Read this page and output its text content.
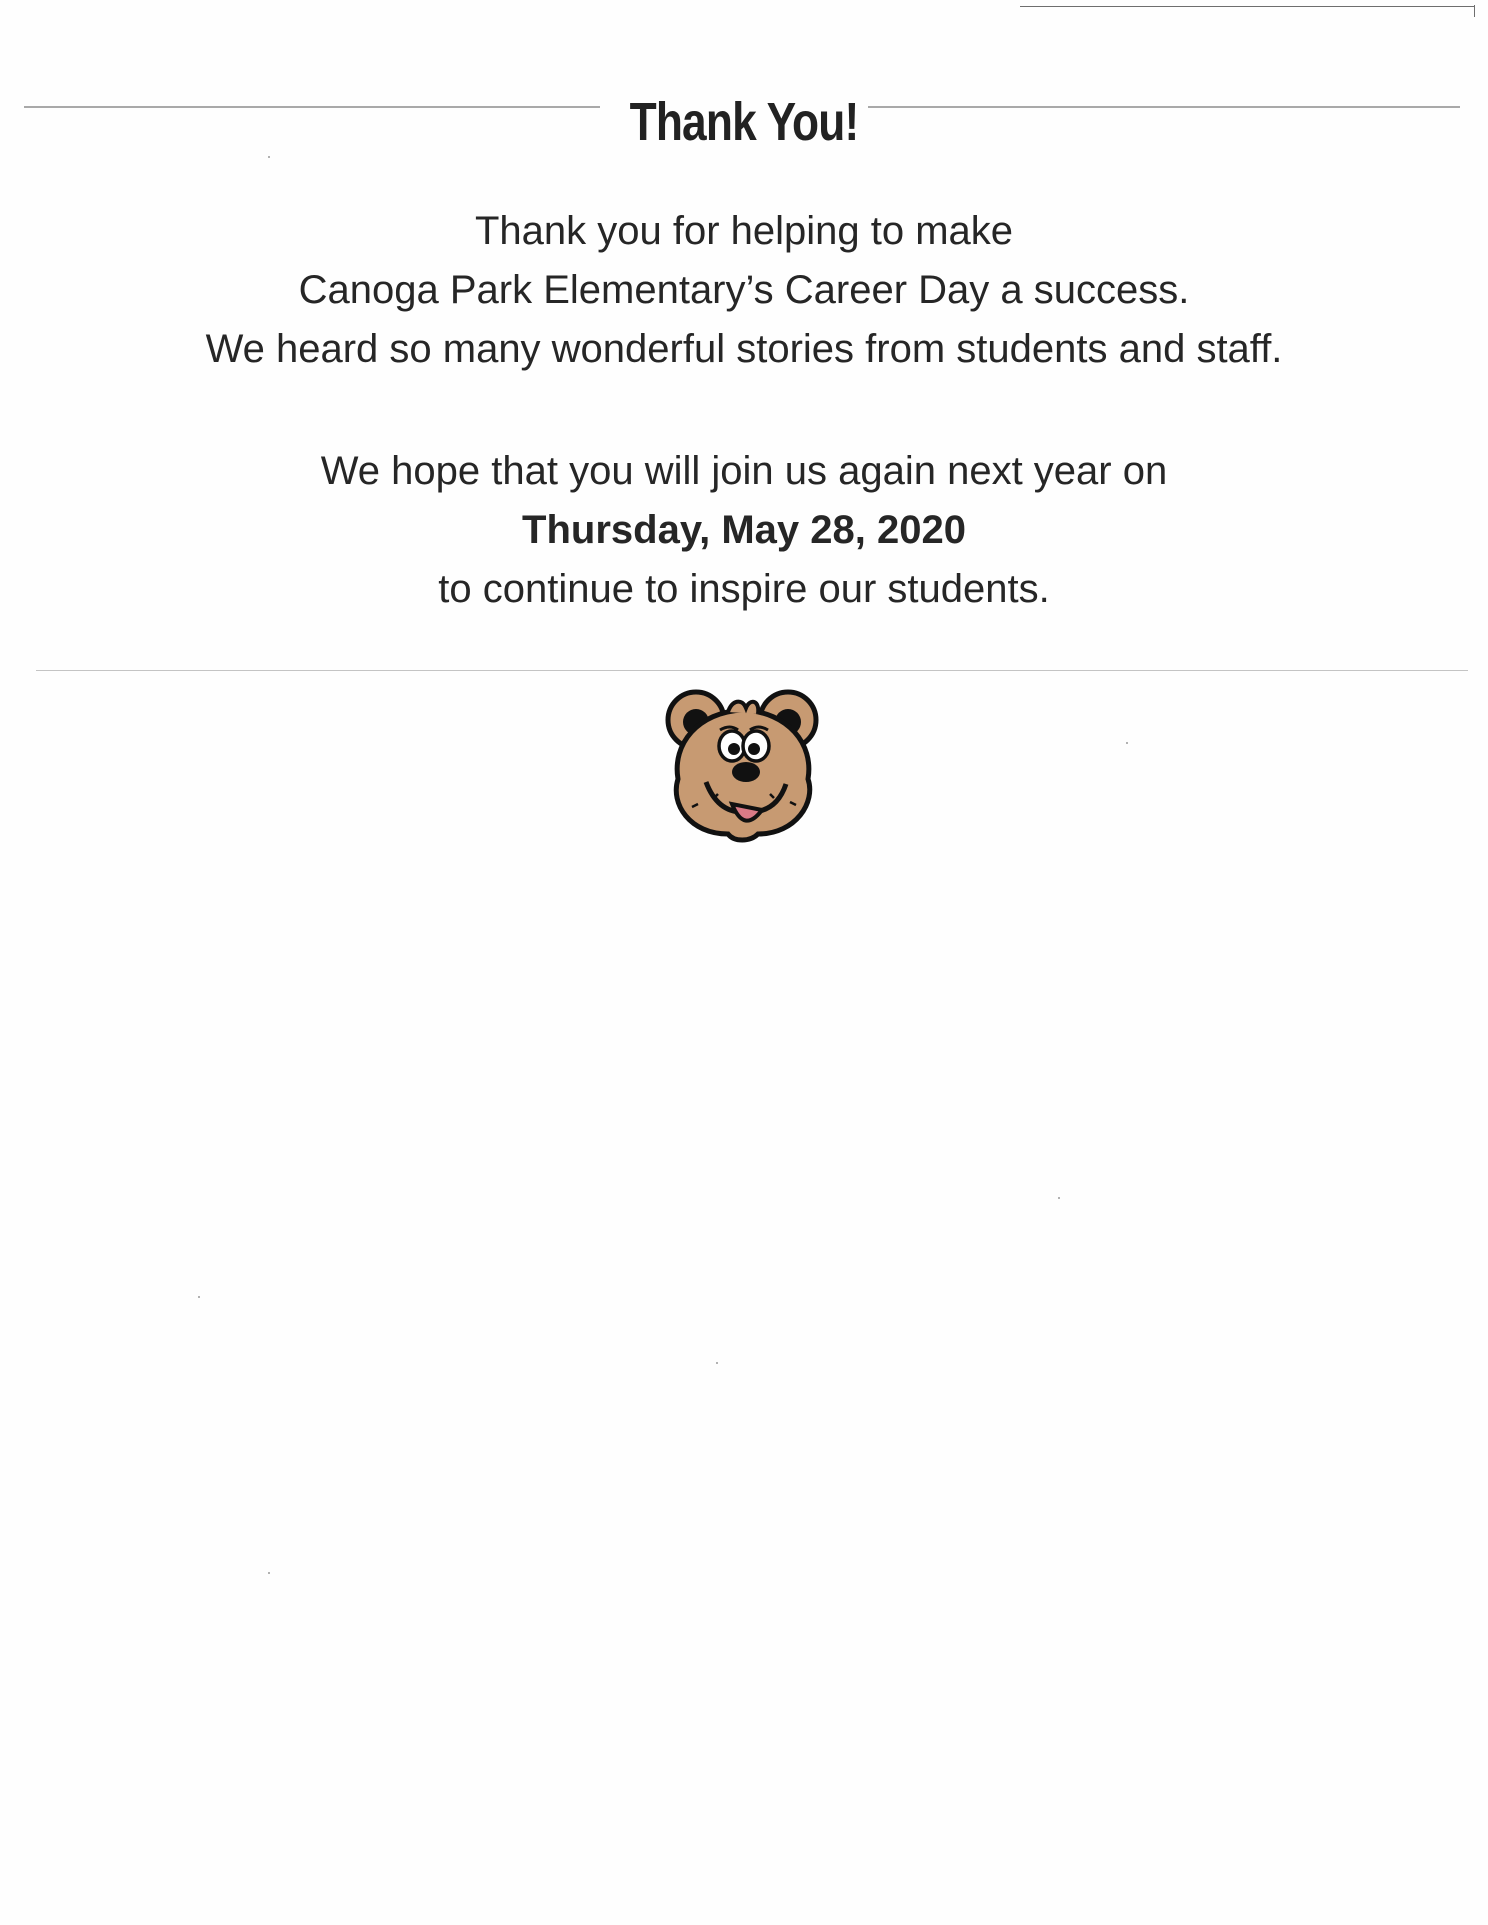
Thank You!
Thank you for helping to make
Canoga Park Elementary’s Career Day a success.
We heard so many wonderful stories from students and staff.
We hope that you will join us again next year on
Thursday, May 28, 2020
to continue to inspire our students.
